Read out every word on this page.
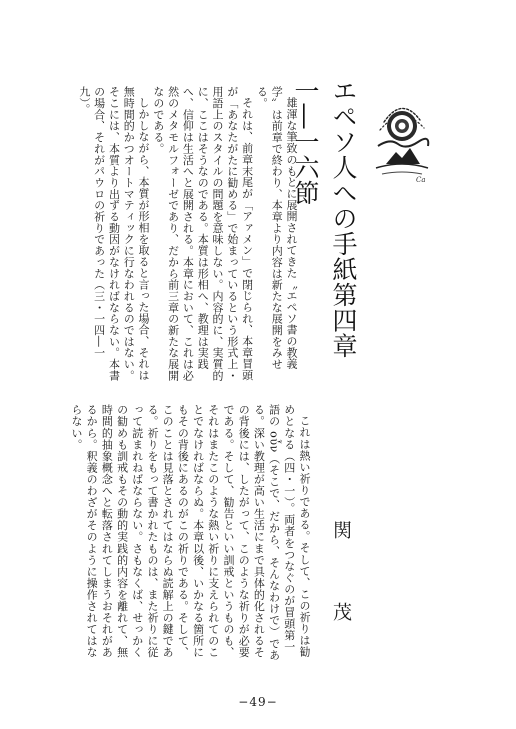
エペソ人への手紙第四章一―一六節	Ca

雄渾な筆致のもとに展開されてきた〝エペソ書の教義学〟は前章で終わり、本章より内容は新たな展開をみせる。

それは、前章末尾が「アァメン」で閉じられ、本章冒頭が「あなたがたに勧める」で始まっているという形式上・用語上のスタイルの問題を意味しない。内容的に、実質的に、ここはそうなのである。本質は形相へ、教理は実践へ、信仰は生活へと展開される。本章において、これは必然のメタモルフォーゼであり、だから前三章の新たな展開なのである。

しかしながら、本質が形相を取ると言った場合、それは無時間的かつオートマティックに行なわれるのではない。そこには、本質より出ずる動因がなければならない。本書の場合、それがパウロの祈りであった（三・一四―一九）。

関
茂

これは熱い祈りである。そして、この祈りは勧めとなる（四・一）。両者をつなぐのが冒頭第一語の οὖν（そこで、だから、そんなわけで）である。深い教理が高い生活にまで具体的化されるその背後には、したがって、このような祈りが必要である。そして、勧告といい訓戒というものも、それはまたこのような熱い祈りに支えられてのことでなければならぬ。本章以後、いかなる箇所にもその背後にあるのがこの祈りである。そして、このことは見落とされてはならぬ読解上の鍵である。祈りをもって書かれたものは、また祈りに従って読まれねばならない。さもなくば、せっかくの勧めも訓戒もその動的実践的内容を離れて、無時間的抽象概念へと転落されてしまうおそれがあるから。釈義のわざがそのように操作されてはならない。

−49−
